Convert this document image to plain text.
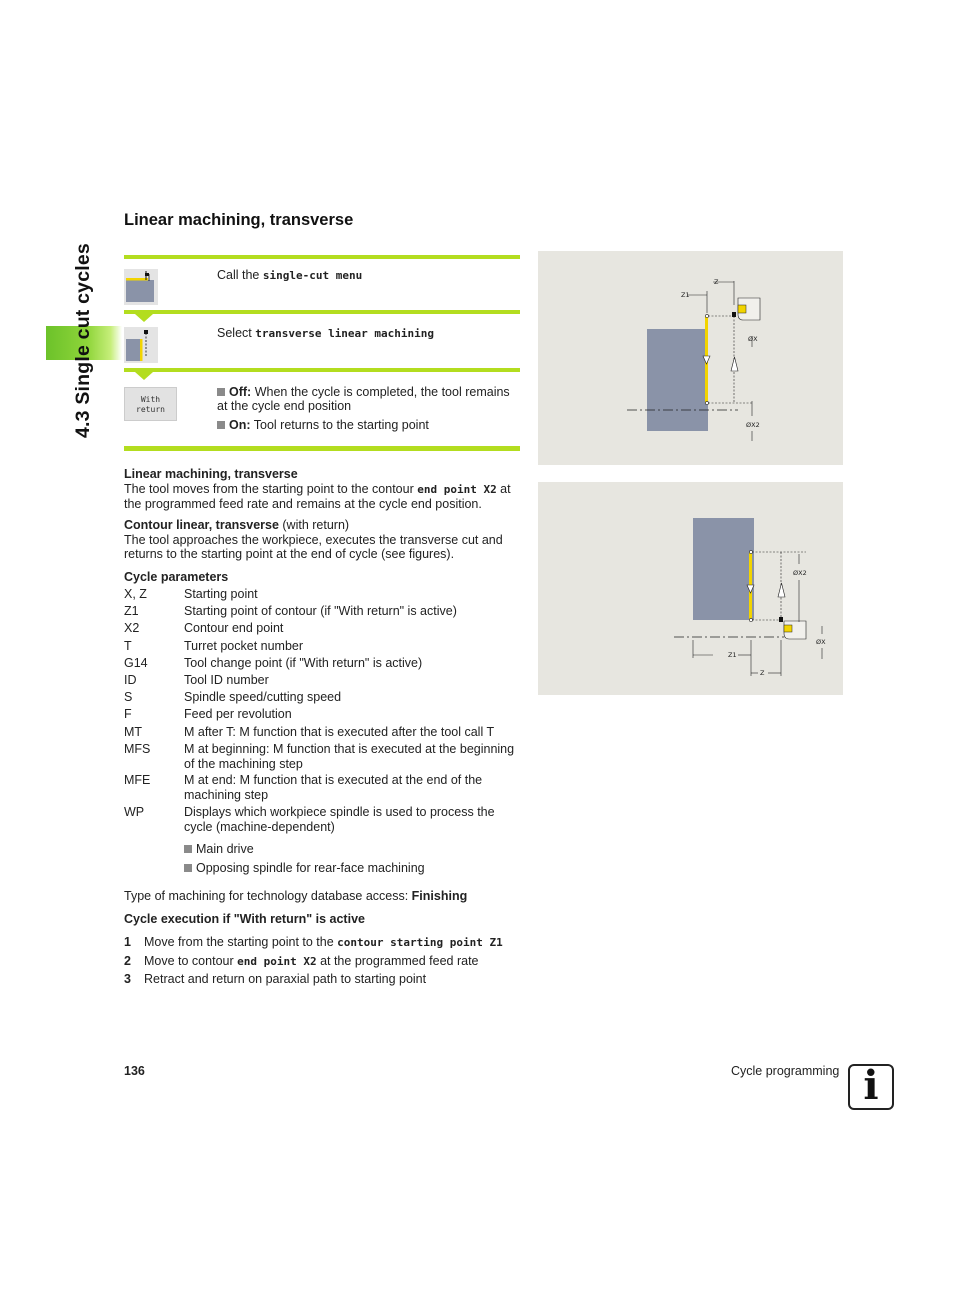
4.3 Single cut cycles
Linear machining, transverse
Call the single-cut menu
Select transverse linear machining
With
return
Off: When the cycle is completed, the tool remains at the cycle end position
On: Tool returns to the starting point
Linear machining, transverse
The tool moves from the starting point to the contour end point X2 at the programmed feed rate and remains at the cycle end position.
Contour linear, transverse (with return)
The tool approaches the workpiece, executes the transverse cut and returns to the starting point at the end of cycle (see figures).
Cycle parameters
X, Z	Starting point
Z1	Starting point of contour (if "With return" is active)
X2	Contour end point
T	Turret pocket number
G14	Tool change point (if "With return" is active)
ID	Tool ID number
S	Spindle speed/cutting speed
F	Feed per revolution
MT	M after T: M function that is executed after the tool call T
MFS	M at beginning: M function that is executed at the beginning of the machining step
MFE	M at end: M function that is executed at the end of the machining step
WP	Displays which workpiece spindle is used to process the cycle (machine-dependent)
Main drive
Opposing spindle for rear-face machining
Type of machining for technology database access: Finishing
Cycle execution if "With return" is active
1 Move from the starting point to the contour starting point Z1
2 Move to contour end point X2 at the programmed feed rate
3 Retract and return on paraxial path to starting point
Z
Z1
ØX
ØX2
Z1
Z
ØX
ØX2
136	Cycle programming i
